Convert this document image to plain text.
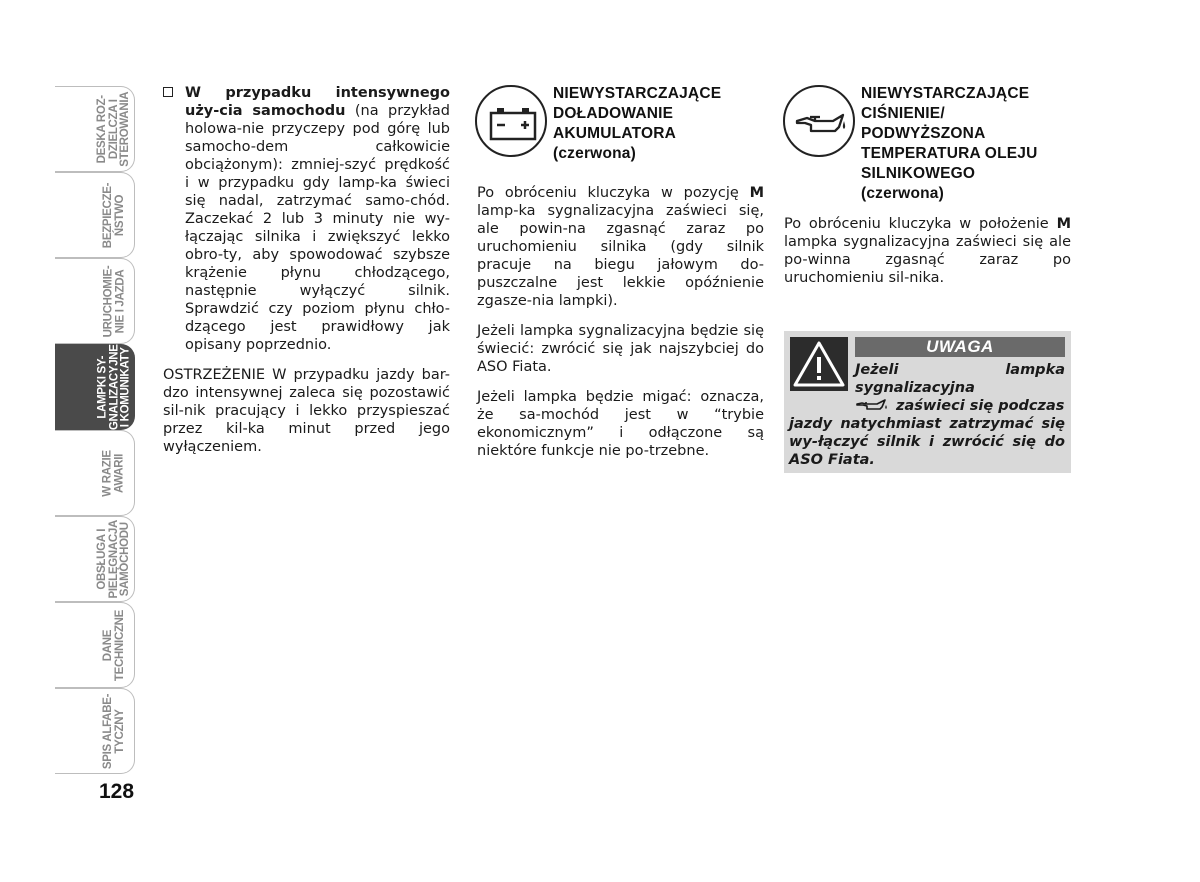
DESKA ROZ-
DZIELCZA I
STEROWANIA
BEZPIECZE-
ŃSTWO
URUCHOMIE-
NIE I JAZDA
LAMPKI SY-
GNALIZACYJNE
I KOMUNIKATY
W RAZIE
AWARII
OBSŁUGA I
PIELĘGNACJA
SAMOCHODU
DANE
TECHNICZNE
SPIS ALFABE-
TYCZNY
128
W przypadku intensywnego uży-cia samochodu (na przykład holowa-nie przyczepy pod górę lub samocho-dem całkowicie obciążonym): zmniej-szyć prędkość i w przypadku gdy lamp-ka świeci się nadal, zatrzymać samo-chód. Zaczekać 2 lub 3 minuty nie wy-łączając silnika i zwiększyć lekko obro-ty, aby spowodować szybsze krążenie płynu chłodzącego, następnie wyłączyć silnik. Sprawdzić czy poziom płynu chło-dzącego jest prawidłowy jak opisany poprzednio.

OSTRZEŻENIE W przypadku jazdy bar-dzo intensywnej zaleca się pozostawić sil-nik pracujący i lekko przyspieszać przez kil-ka minut przed jego wyłączeniem.

NIEWYSTARCZAJĄCE
DOŁADOWANIE
AKUMULATORA
(czerwona)

Po obróceniu kluczyka w pozycję M lamp-ka sygnalizacyjna zaświeci się, ale powin-na zgasnąć zaraz po uruchomieniu silnika (gdy silnik pracuje na biegu jałowym do-puszczalne jest lekkie opóźnienie zgasze-nia lampki).

Jeżeli lampka sygnalizacyjna będzie się świecić: zwrócić się jak najszybciej do ASO Fiata.

Jeżeli lampka będzie migać: oznacza, że sa-mochód jest w “trybie ekonomicznym” i odłączone są niektóre funkcje nie po-trzebne.

NIEWYSTARCZAJĄCE
CIŚNIENIE/
PODWYŻSZONA
TEMPERATURA OLEJU
SILNIKOWEGO
(czerwona)

Po obróceniu kluczyka w położenie M lampka sygnalizacyjna zaświeci się ale po-winna zgasnąć zaraz po uruchomieniu sil-nika.

UWAGA
Jeżeli lampka sygnalizacyjna
zaświeci się podczas
jazdy natychmiast zatrzymać się wy-łączyć silnik i zwrócić się do ASO Fiata.
